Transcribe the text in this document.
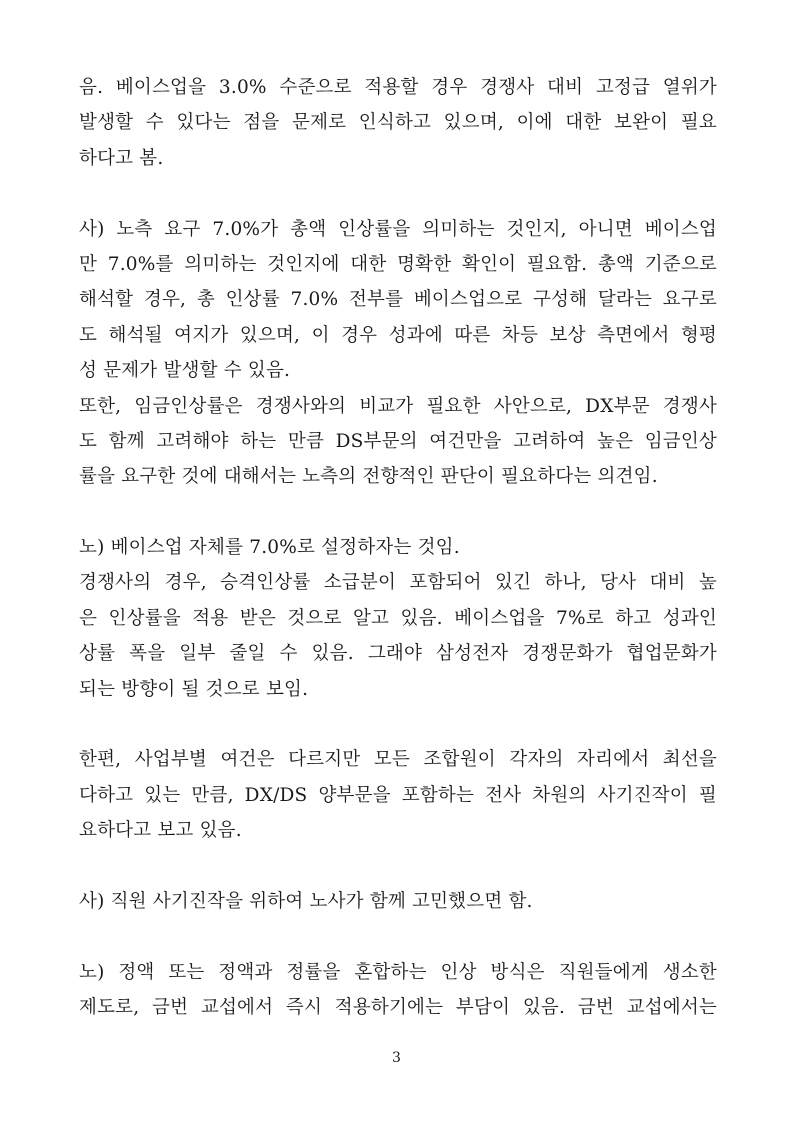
음. 베이스업을 3.0% 수준으로 적용할 경우 경쟁사 대비 고정급 열위가
발생할 수 있다는 점을 문제로 인식하고 있으며, 이에 대한 보완이 필요
하다고 봄.
사) 노측 요구 7.0%가 총액 인상률을 의미하는 것인지, 아니면 베이스업
만 7.0%를 의미하는 것인지에 대한 명확한 확인이 필요함. 총액 기준으로
해석할 경우, 총 인상률 7.0% 전부를 베이스업으로 구성해 달라는 요구로
도 해석될 여지가 있으며, 이 경우 성과에 따른 차등 보상 측면에서 형평
성 문제가 발생할 수 있음.
또한, 임금인상률은 경쟁사와의 비교가 필요한 사안으로, DX부문 경쟁사
도 함께 고려해야 하는 만큼 DS부문의 여건만을 고려하여 높은 임금인상
률을 요구한 것에 대해서는 노측의 전향적인 판단이 필요하다는 의견임.
노) 베이스업 자체를 7.0%로 설정하자는 것임.
경쟁사의 경우, 승격인상률 소급분이 포함되어 있긴 하나, 당사 대비 높
은 인상률을 적용 받은 것으로 알고 있음. 베이스업을 7%로 하고 성과인
상률 폭을 일부 줄일 수 있음. 그래야 삼성전자 경쟁문화가 협업문화가
되는 방향이 될 것으로 보임.
한편, 사업부별 여건은 다르지만 모든 조합원이 각자의 자리에서 최선을
다하고 있는 만큼, DX/DS 양부문을 포함하는 전사 차원의 사기진작이 필
요하다고 보고 있음.
사) 직원 사기진작을 위하여 노사가 함께 고민했으면 함.
노) 정액 또는 정액과 정률을 혼합하는 인상 방식은 직원들에게 생소한
제도로, 금번 교섭에서 즉시 적용하기에는 부담이 있음. 금번 교섭에서는
3
